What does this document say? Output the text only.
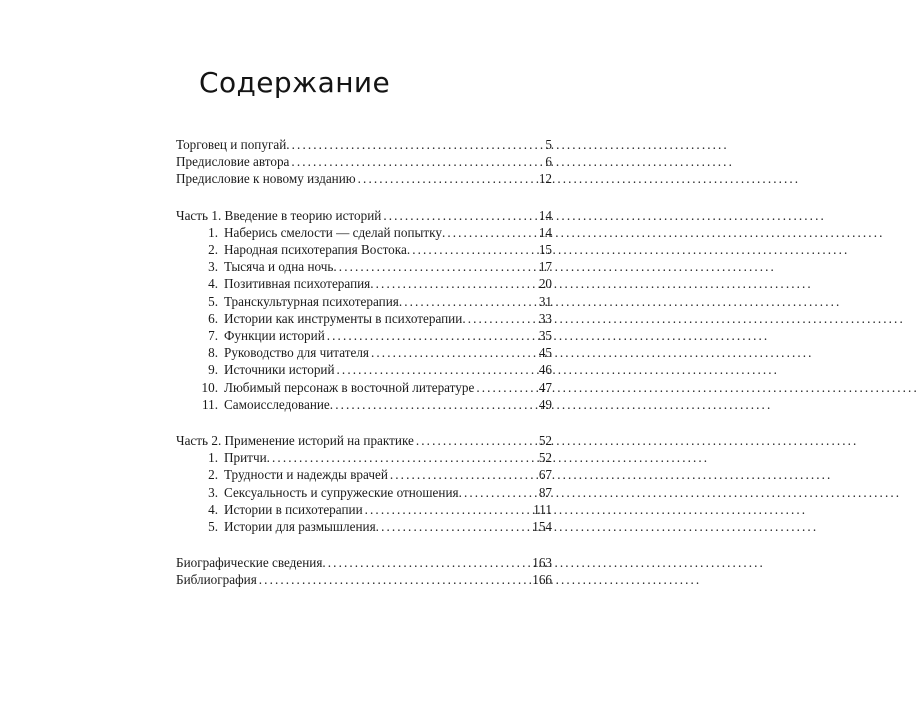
Содержание
Торговец и попугай .....	5
Предисловие автора .....	6
Предисловие к новому изданию .....	12
Часть 1. Введение в теорию историй .....	14
1. Наберись смелости — сделай попытку .....	14
2. Народная психотерапия Востока .....	15
3. Тысяча и одна ночь .....	17
4. Позитивная психотерапия .....	20
5. Транскультурная психотерапия .....	31
6. Истории как инструменты в психотерапии .....	33
7. Функции историй .....	35
8. Руководство для читателя .....	45
9. Источники историй .....	46
10. Любимый персонаж в восточной литературе .....	47
11. Самоисследование .....	49
Часть 2. Применение историй на практике .....	52
1. Притчи .....	52
2. Трудности и надежды врачей .....	67
3. Сексуальность и супружеские отношения .....	87
4. Истории в психотерапии .....	111
5. Истории для размышления .....	154
Биографические сведения .....	163
Библиография .....	166
